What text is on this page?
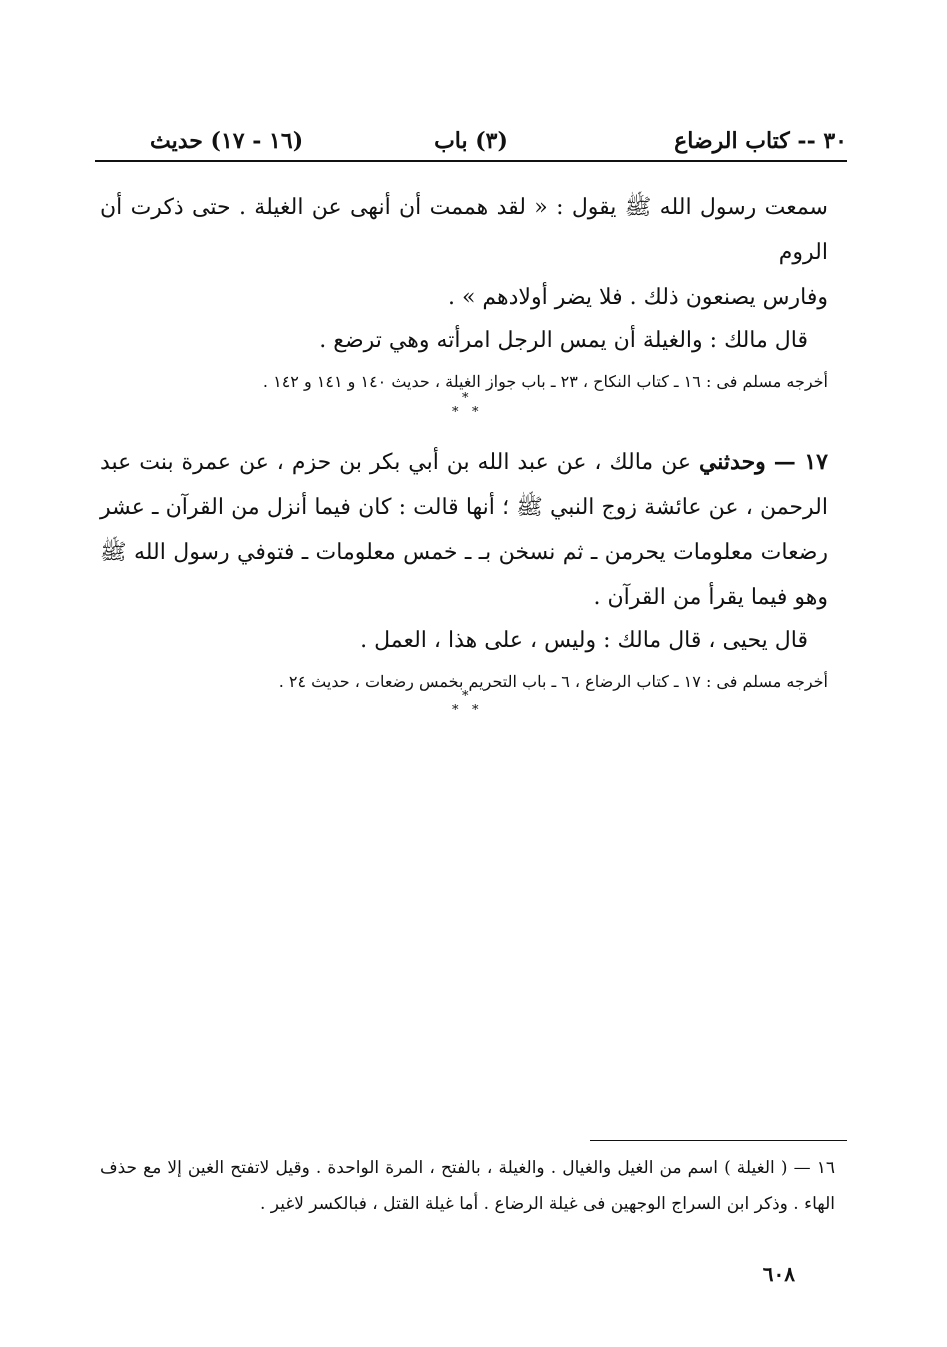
٣٠ -- كتاب الرضاع
(٣) باب
(١٦ - ١٧) حديث

سمعت رسول الله ﷺ يقول : « لقد هممت أن أنهى عن الغيلة . حتى ذكرت أن الروم

وفارس يصنعون ذلك . فلا يضر أولادهم » .

قال مالك : والغيلة أن يمس الرجل امرأته وهي ترضع .

أخرجه مسلم فى : ١٦ ـ كتاب النكاح ، ٢٣ ـ باب جواز الغيلة ، حديث ١٤٠ و ١٤١ و ١٤٢ .

*
* *

١٧ — وحدثني عن مالك ، عن عبد الله بن أبي بكر بن حزم ، عن عمرة بنت عبد الرحمن ، عن عائشة زوج النبي ﷺ ؛ أنها قالت : كان فيما أنزل من القرآن ـ عشر رضعات معلومات يحرمن ـ ثم نسخن بـ ـ خمس معلومات ـ فتوفي رسول الله ﷺ وهو فيما يقرأ من القرآن .

قال يحيى ، قال مالك : وليس ، على هذا ، العمل .

أخرجه مسلم فى : ١٧ ـ كتاب الرضاع ، ٦ ـ باب التحريم بخمس رضعات ، حديث ٢٤ .

*
* *
١٦ — ( الغيلة ) اسم من الغيل والغيال . والغيلة ، بالفتح ، المرة الواحدة . وقيل لاتفتح الغين إلا مع حذف الهاء . وذكر ابن السراج الوجهين فى غيلة الرضاع . أما غيلة القتل ، فبالكسر لاغير .
٦٠٨
